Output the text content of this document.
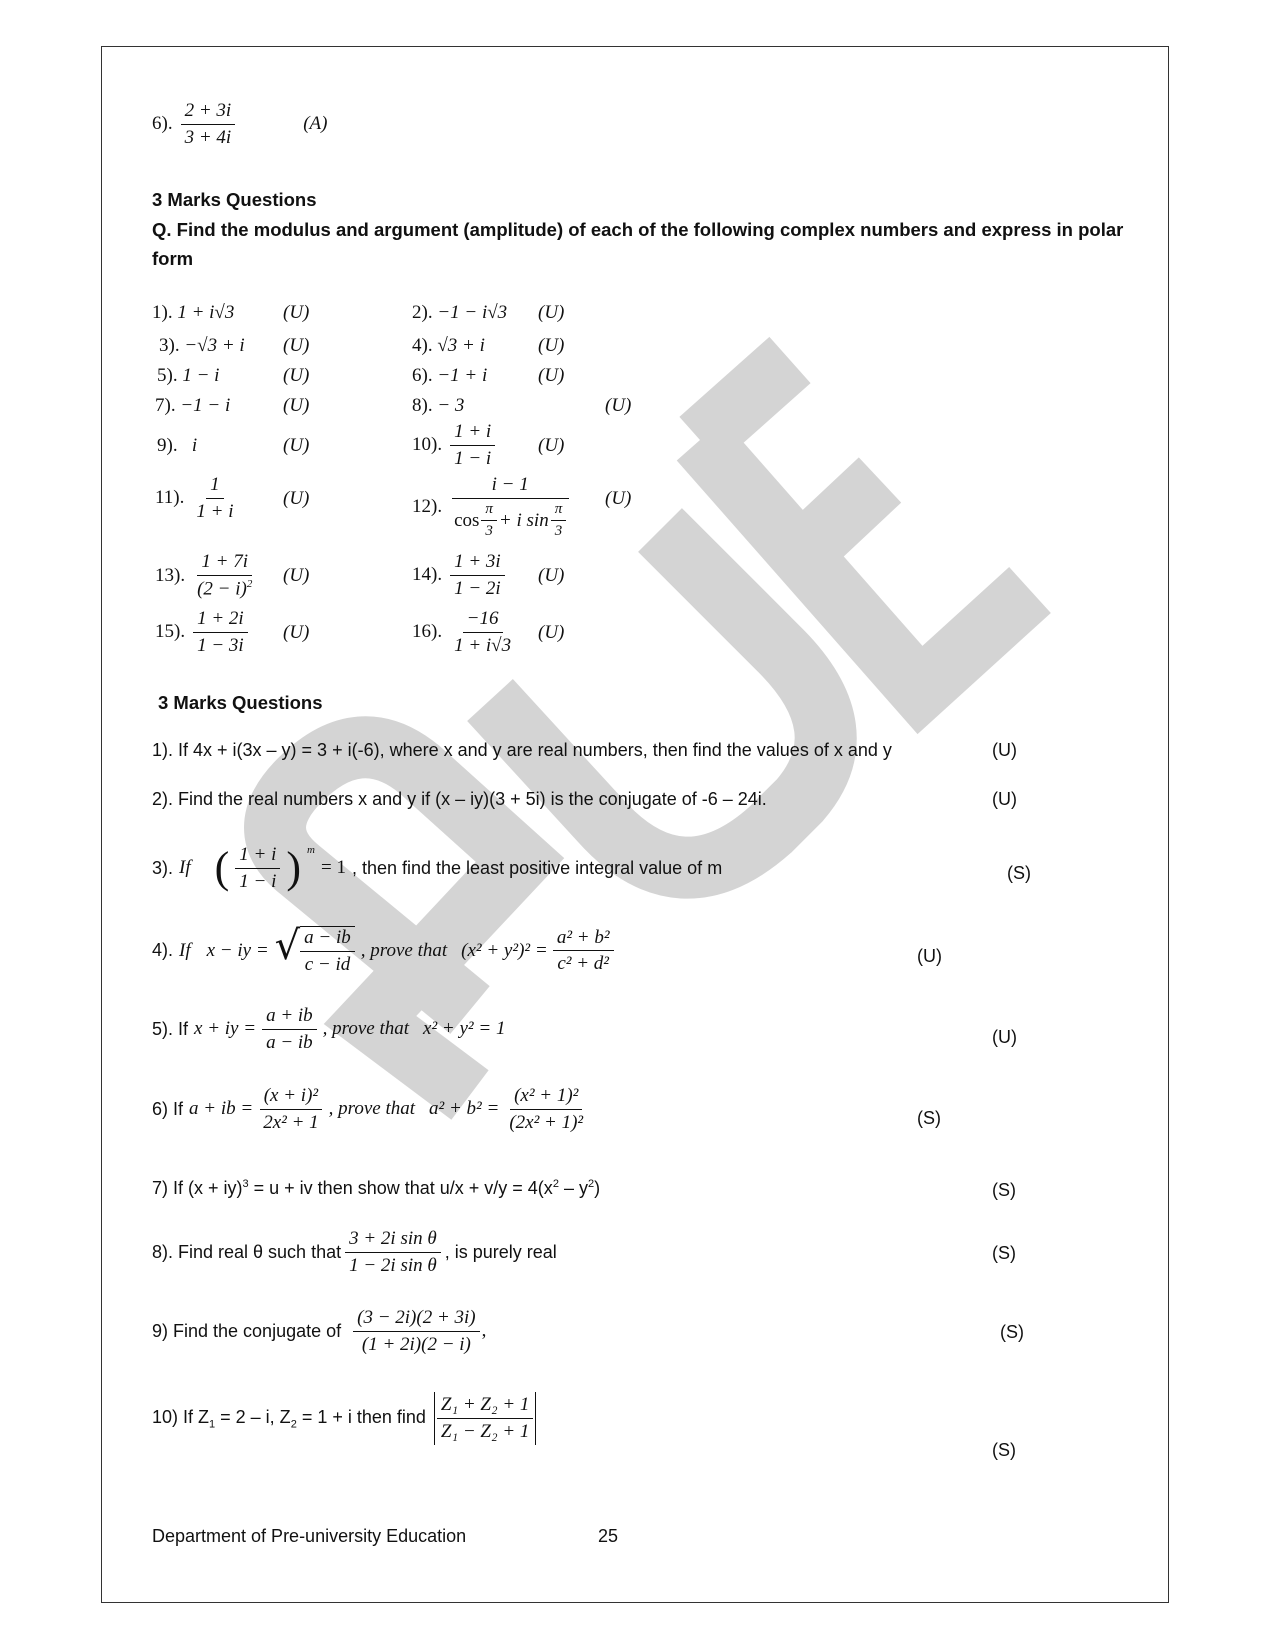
6). $\frac{2 + 3i}{3 + 4i}$	(A)
3 Marks Questions
Q. Find the modulus and argument (amplitude) of each of the following complex numbers and express in polar
form
1). 1 + i√3	(U)	2). −1 − i√3 (U)
3). −√3 + i (U)	4). √3 + i	(U)
5). 1 − i	(U)	6). −1 + i	(U)
7). −1 − i	(U)	8). − 3	(U)
9). i	(U)	10). $\frac{1 + i}{1 - i} (U)$
11). $\frac{1}{1 + i} (U)$	12). $\frac{i - 1}{\cos \frac{\pi}{3} + i \sin \frac{\pi}{3}} (U)$
13). $\frac{1 + 7i}{(2 - i)^2} (U)$	14). $\frac{1 + 3i}{1 - 2i} (U)$
15). $\frac{1 + 2i}{1 - 3i} (U)$	16). $\frac{-16}{1 + i√3} (U)$
3 Marks Questions
1). If 4x + i(3x – y) = 3 + i(-6), where x and y are real numbers, then find the values of x and y	(U)
2). Find the real numbers x and y if (x – iy)(3 + 5i) is the conjugate of -6 – 24i.	(U)
3). If ( $\frac{1 + i}{1 - i}$ ) $^m$
= 1 , then find the least positive integral value of m	(S)
4). If x − iy = √ $\frac{a - ib}{c - id}$ , prove that $(x^2 + y^2)^2 = \frac{\text{a² + b²}}{\text{c² + d²}}$	(U)
5). If x + iy = $\frac{a + ib}{a - ib}$ , prove that x² + y² = 1	(U)
6) If a + ib = $\frac{\text{(x + i)²}}{\text{2x² + 1}}$ , prove that $a^2 + b^2 = \frac{\text{(x² + 1)²}}{\text{(2x² + 1)²}}$	(S)
7) If (x + iy)$^3$ = u + iv then show that $u/x + v/y = 4(x^2 - y^2)$	(S)
8). Find real θ such that $\frac{\text{3 + 2i sin θ}}{\text{1 − 2i sin θ}}$ , is purely real	(S)
9) Find the conjugate of $\frac{(3 - 2i)(2 + 3i)}{(1 + 2i)(2 - i)}$ ,	(S)
10) If $Z_1 = 2 - i$, $Z_2 = 1 + i$ then find $\frac{\text{Z₁ + Z₂ + 1}}{\text{Z₁ − Z₂ + 1}}$
(S)
Department of Pre-university Education	25
